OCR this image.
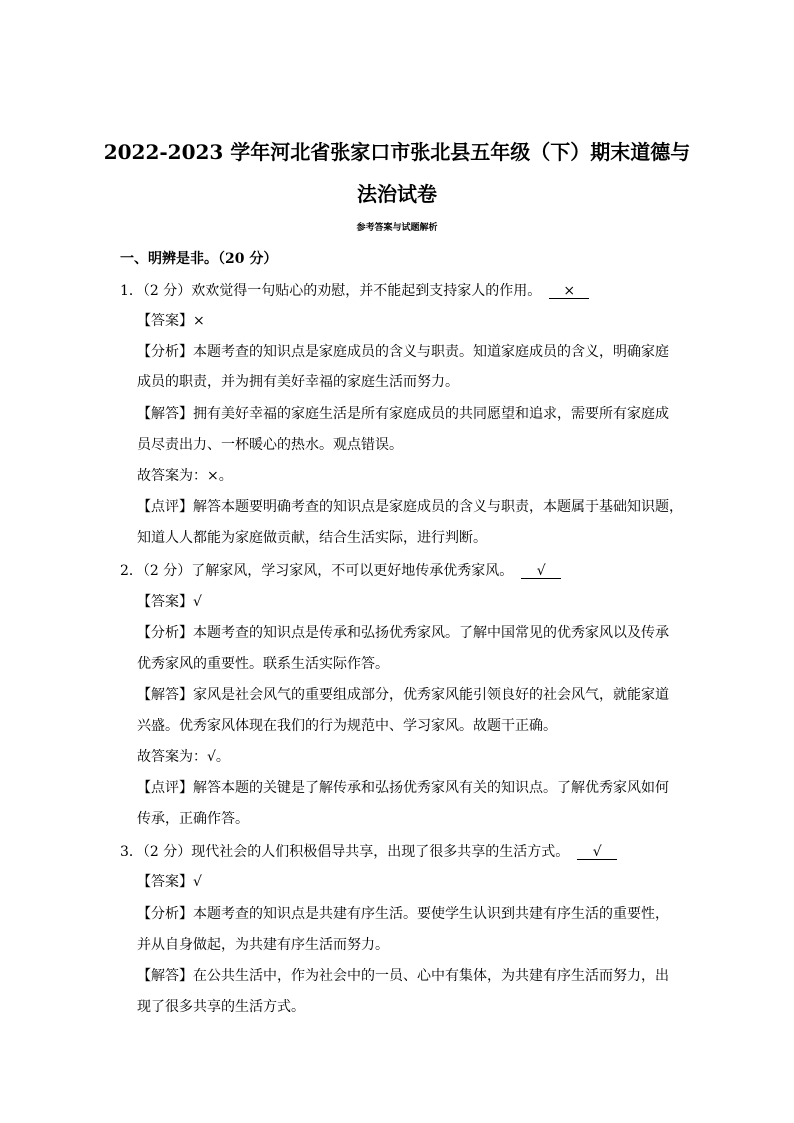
2022-2023 学年河北省张家口市张北县五年级（下）期末道德与
法治试卷
参考答案与试题解析
一、明辨是非。（20 分）
1．（2 分）欢欢觉得一句贴心的劝慰，并不能起到支持家人的作用。 ×
【答案】×
【分析】本题考查的知识点是家庭成员的含义与职责。知道家庭成员的含义，明确家庭
成员的职责，并为拥有美好幸福的家庭生活而努力。
【解答】拥有美好幸福的家庭生活是所有家庭成员的共同愿望和追求，需要所有家庭成
员尽责出力、一杯暖心的热水。观点错误。
故答案为：×。
【点评】解答本题要明确考查的知识点是家庭成员的含义与职责，本题属于基础知识题，
知道人人都能为家庭做贡献，结合生活实际，进行判断。
2．（2 分）了解家风，学习家风，不可以更好地传承优秀家风。 √
【答案】√
【分析】本题考查的知识点是传承和弘扬优秀家风。了解中国常见的优秀家风以及传承
优秀家风的重要性。联系生活实际作答。
【解答】家风是社会风气的重要组成部分，优秀家风能引领良好的社会风气，就能家道
兴盛。优秀家风体现在我们的行为规范中、学习家风。故题干正确。
故答案为：√。
【点评】解答本题的关键是了解传承和弘扬优秀家风有关的知识点。了解优秀家风如何
传承，正确作答。
3．（2 分）现代社会的人们积极倡导共享，出现了很多共享的生活方式。 √
【答案】√
【分析】本题考查的知识点是共建有序生活。要使学生认识到共建有序生活的重要性，
并从自身做起，为共建有序生活而努力。
【解答】在公共生活中，作为社会中的一员、心中有集体，为共建有序生活而努力，出
现了很多共享的生活方式。
